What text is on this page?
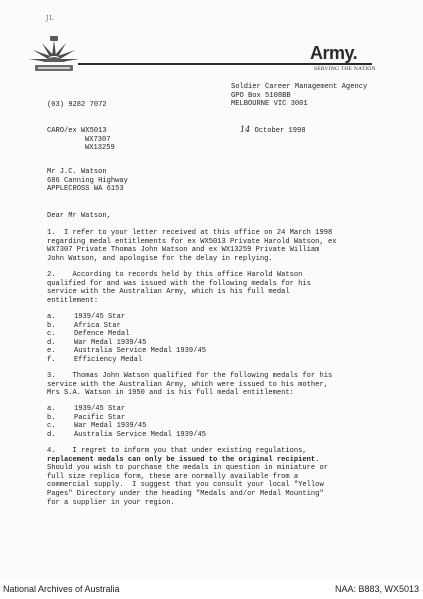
JL
Army.
SERVING THE NATION
Soldier Career Management Agency
GPO Box 5108BB
MELBOURNE VIC 3001
(03) 9282 7072
CARO/ex WX5013
WX7307
WX13259
14 October 1998
Mr J.C. Watson
686 Canning Highway
APPLECROSS WA 6153
Dear Mr Watson,
1.  I refer to your letter received at this office on 24 March 1998
regarding medal entitlements for ex WX5013 Private Harold Watson, ex
WX7307 Private Thomas John Watson and ex WX13259 Private William
John Watson, and apologise for the delay in replying.
2.    According to records held by this office Harold Watson
qualified for and was issued with the following medals for his
service with the Australian Army, which is his full medal
entitlement:
a.	1939/45 Star
b.	Africa Star
c.	Defence Medal
d.	War Medal 1939/45
e.	Australia Service Medal 1939/45
f.	Efficiency Medal
3.    Thomas John Watson qualified for the following medals for his
service with the Australian Army, which were issued to his mother,
Mrs S.A. Watson in 1950 and is his full medal entitlement:
a.	1939/45 Star
b.	Pacific Star
c.	War Medal 1939/45
d.	Australia Service Medal 1939/45
4.    I regret to inform you that under existing regulations,
replacement medals can only be issued to the original recipient.
Should you wish to purchase the medals in question in miniature or
full size replica form, these are normally available from a
commercial supply.  I suggest that you consult your local "Yellow
Pages" Directory under the heading "Medals and/or Medal Mounting"
for a supplier in your region.
National Archives of Australia	NAA: B883, WX5013
